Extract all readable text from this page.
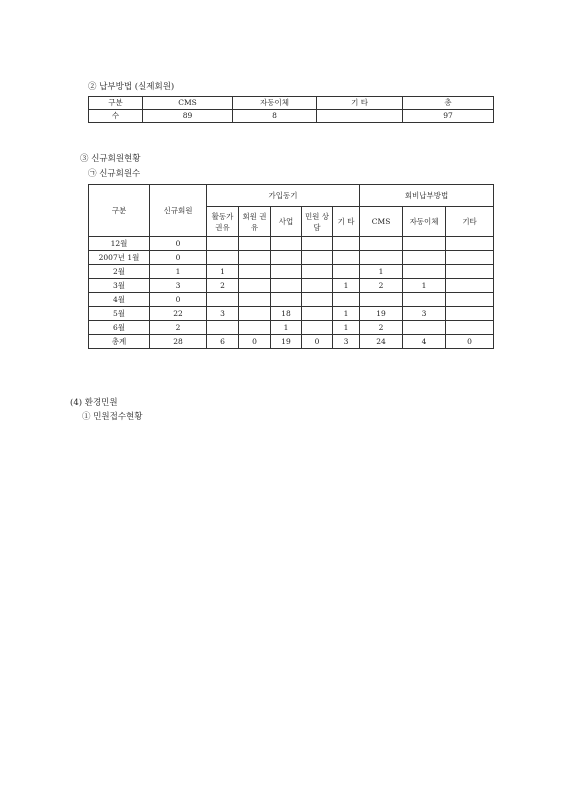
② 납부방법 (실제회원)
구분	CMS	자동이체	기 타	총
수	89	8		97
③ 신규회원현황
㉠ 신규회원수
구분	신규회원	가입동기					회비납부방법		
		활동가 권유	회원 권유	사업	민원 상담	기 타	CMS	자동이체	기타
12월	0								
2007년 1월	0								
2월	1	1					1		
3월	3	2				1	2	1	
4월	0								
5월	22	3		18		1	19	3	
6월	2			1		1	2		
총계	28	6	0	19	0	3	24	4	0
(4) 환경민원
① 민원접수현황
